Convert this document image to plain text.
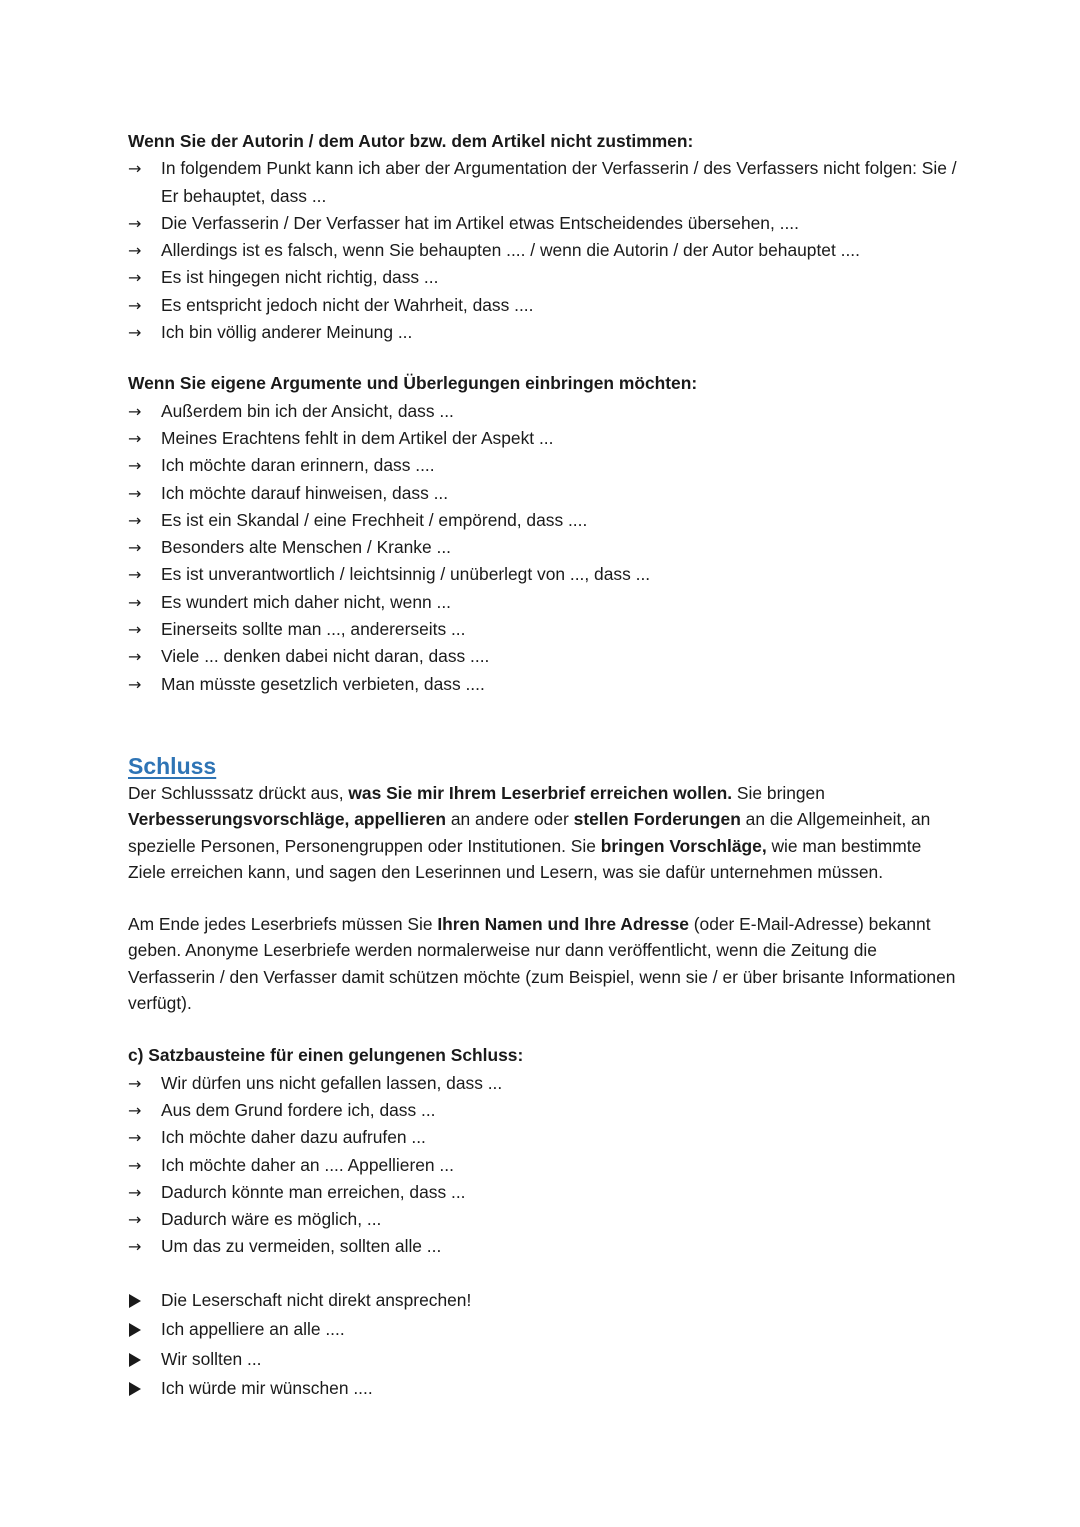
Wenn Sie der Autorin / dem Autor bzw. dem Artikel nicht zustimmen:
→	In folgendem Punkt kann ich aber der Argumentation der Verfasserin / des Verfassers nicht folgen: Sie / Er behauptet, dass ...
→	Die Verfasserin / Der Verfasser hat im Artikel etwas Entscheidendes übersehen, ....
→	Allerdings ist es falsch, wenn Sie behaupten .... / wenn die Autorin / der Autor behauptet ....
→	Es ist hingegen nicht richtig, dass ...
→	Es entspricht jedoch nicht der Wahrheit, dass ....
→	Ich bin völlig anderer Meinung ...
Wenn Sie eigene Argumente und Überlegungen einbringen möchten:
→	Außerdem bin ich der Ansicht, dass ...
→	Meines Erachtens fehlt in dem Artikel der Aspekt ...
→	Ich möchte daran erinnern, dass ....
→	Ich möchte darauf hinweisen, dass ...
→	Es ist ein Skandal / eine Frechheit / empörend, dass ....
→	Besonders alte Menschen / Kranke ...
→	Es ist unverantwortlich / leichtsinnig / unüberlegt von ..., dass ...
→	Es wundert mich daher nicht, wenn ...
→	Einerseits sollte man ..., andererseits ...
→	Viele ... denken dabei nicht daran, dass ....
→	Man müsste gesetzlich verbieten, dass ....
Schluss

Der Schlusssatz drückt aus, was Sie mir Ihrem Leserbrief erreichen wollen. Sie bringen Verbesserungsvorschläge, appellieren an andere oder stellen Forderungen an die Allgemeinheit, an spezielle Personen, Personengruppen oder Institutionen. Sie bringen Vorschläge, wie man bestimmte Ziele erreichen kann, und sagen den Leserinnen und Lesern, was sie dafür unternehmen müssen.

Am Ende jedes Leserbriefs müssen Sie Ihren Namen und Ihre Adresse (oder E-Mail-Adresse) bekannt geben. Anonyme Leserbriefe werden normalerweise nur dann veröffentlicht, wenn die Zeitung die Verfasserin / den Verfasser damit schützen möchte (zum Beispiel, wenn sie / er über brisante Informationen verfügt).

c) Satzbausteine für einen gelungenen Schluss:
→	Wir dürfen uns nicht gefallen lassen, dass ...
→	Aus dem Grund fordere ich, dass ...
→	Ich möchte daher dazu aufrufen ...
→	Ich möchte daher an .... Appellieren ...
→	Dadurch könnte man erreichen, dass ...
→	Dadurch wäre es möglich, ...
→	Um das zu vermeiden, sollten alle ...
Die Leserschaft nicht direkt ansprechen!
Ich appelliere an alle ....
Wir sollten ...
Ich würde mir wünschen ....
